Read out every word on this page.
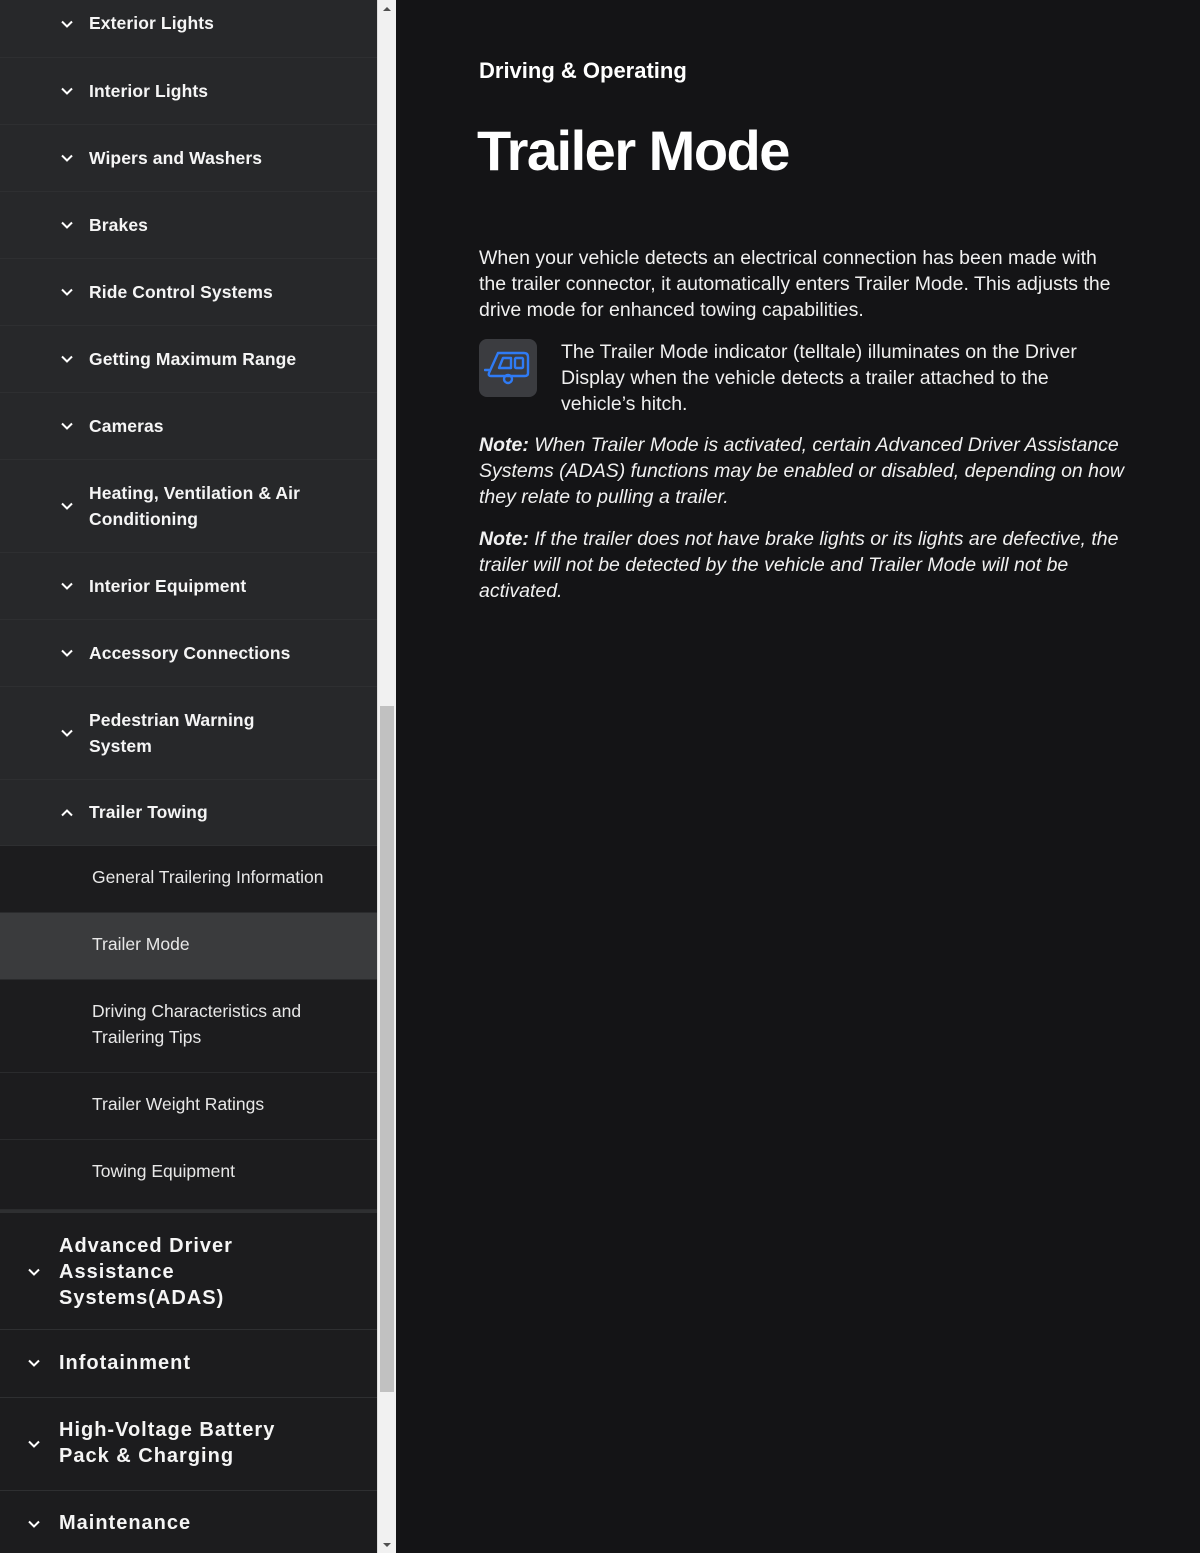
Exterior Lights
Interior Lights
Wipers and Washers
Brakes
Ride Control Systems
Getting Maximum Range
Cameras
Heating, Ventilation & Air Conditioning
Interior Equipment
Accessory Connections
Pedestrian Warning System
Trailer Towing
General Trailering Information
Trailer Mode
Driving Characteristics and Trailering Tips
Trailer Weight Ratings
Towing Equipment
Advanced Driver Assistance Systems(ADAS)
Infotainment
High-Voltage Battery Pack & Charging
Maintenance
Driving & Operating
Trailer Mode

When your vehicle detects an electrical connection has been made with the trailer connector, it automatically enters Trailer Mode. This adjusts the drive mode for enhanced towing capabilities.

The Trailer Mode indicator (telltale) illuminates on the Driver Display when the vehicle detects a trailer attached to the vehicle’s hitch.

Note: When Trailer Mode is activated, certain Advanced Driver Assistance Systems (ADAS) functions may be enabled or disabled, depending on how they relate to pulling a trailer.

Note: If the trailer does not have brake lights or its lights are defective, the trailer will not be detected by the vehicle and Trailer Mode will not be activated.
